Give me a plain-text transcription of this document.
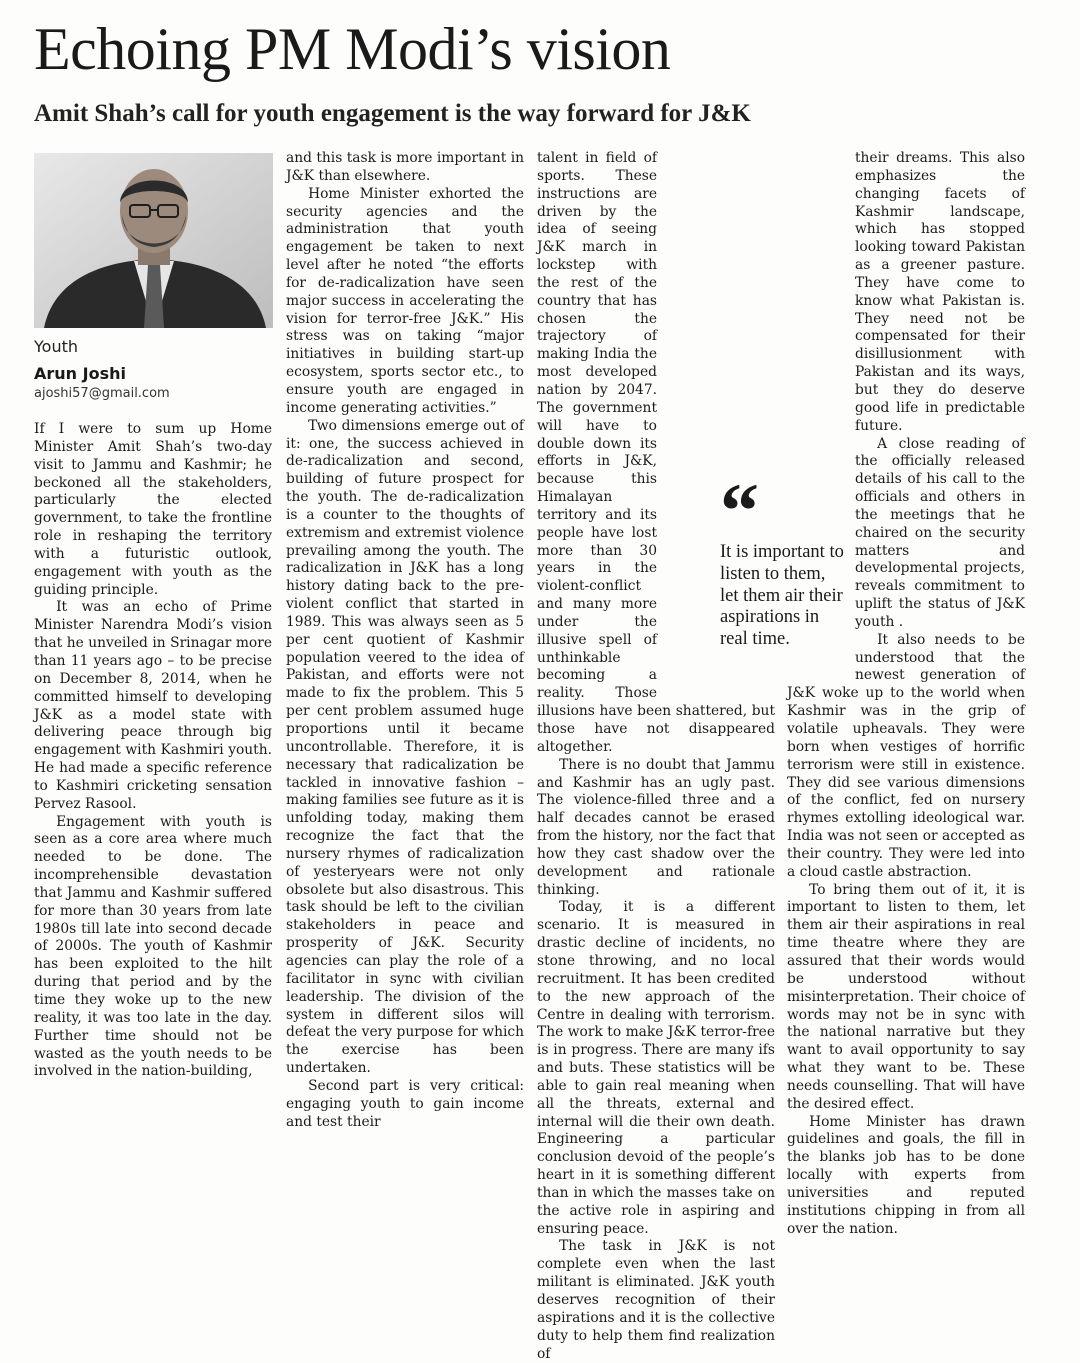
Echoing PM Modi’s vision
Amit Shah’s call for youth engagement is the way forward for J&K
Youth
Arun Joshi
ajoshi57@gmail.com

If I were to sum up Home Minister Amit Shah’s two-day visit to Jammu and Kashmir; he beckoned all the stakeholders, particularly the elected government, to take the frontline role in reshaping the territory with a futuristic outlook, engagement with youth as the guiding principle.

It was an echo of Prime Minister Narendra Modi’s vision that he unveiled in Srinagar more than 11 years ago – to be precise on December 8, 2014, when he committed himself to developing J&K as a model state with delivering peace through big engagement with Kashmiri youth. He had made a specific reference to Kashmiri cricketing sensation Pervez Rasool.

Engagement with youth is seen as a core area where much needed to be done. The incomprehensible devastation that Jammu and Kashmir suffered for more than 30 years from late 1980s till late into second decade of 2000s. The youth of Kashmir has been exploited to the hilt during that period and by the time they woke up to the new reality, it was too late in the day. Further time should not be wasted as the youth needs to be involved in the nation-building,

and this task is more important in J&K than elsewhere.

Home Minister exhorted the security agencies and the administration that youth engagement be taken to next level after he noted “the efforts for de-radicalization have seen major success in accelerating the vision for terror-free J&K.” His stress was on taking “major initiatives in building start-up ecosystem, sports sector etc., to ensure youth are engaged in income generating activities.”

Two dimensions emerge out of it: one, the success achieved in de-radicalization and second, building of future prospect for the youth. The de-radicalization is a counter to the thoughts of extremism and extremist violence prevailing among the youth. The radicalization in J&K has a long history dating back to the pre-violent conflict that started in 1989. This was always seen as 5 per cent quotient of Kashmir population veered to the idea of Pakistan, and efforts were not made to fix the problem. This 5 per cent problem assumed huge proportions until it became uncontrollable. Therefore, it is necessary that radicalization be tackled in innovative fashion – making families see future as it is unfolding today, making them recognize the fact that the nursery rhymes of radicalization of yesteryears were not only obsolete but also disastrous. This task should be left to the civilian stakeholders in peace and prosperity of J&K. Security agencies can play the role of a facilitator in sync with civilian leadership. The division of the system in different silos will defeat the very purpose for which the exercise has been undertaken.

Second part is very critical: engaging youth to gain income and test their

talent in field of sports. These instructions are driven by the idea of seeing J&K march in lockstep with the rest of the country that has chosen the trajectory of making India the most developed nation by 2047. The government will have to double down its efforts in J&K, because this Himalayan territory and its people have lost more than 30 years in the violent-conflict and many more under the illusive spell of unthinkable becoming a reality. Those illusions have been shattered, but those have not disappeared altogether.

There is no doubt that Jammu and Kashmir has an ugly past. The violence-filled three and a half decades cannot be erased from the history, nor the fact that how they cast shadow over the development and rationale thinking.

Today, it is a different scenario. It is measured in drastic decline of incidents, no stone throwing, and no local recruitment. It has been credited to the new approach of the Centre in dealing with terrorism. The work to make J&K terror-free is in progress. There are many ifs and buts. These statistics will be able to gain real meaning when all the threats, external and internal will die their own death. Engineering a particular conclusion devoid of the people’s heart in it is something different than in which the masses take on the active role in aspiring and ensuring peace.

The task in J&K is not complete even when the last militant is eliminated. J&K youth deserves recognition of their aspirations and it is the collective duty to help them find realization of

their dreams. This also emphasizes the changing facets of Kashmir landscape, which has stopped looking toward Pakistan as a greener pasture. They have come to know what Pakistan is. They need not be compensated for their disillusionment with Pakistan and its ways, but they do deserve good life in predictable future.

A close reading of the officially released details of his call to the officials and others in the meetings that he chaired on the security matters and developmental projects, reveals commitment to uplift the status of J&K youth .

It also needs to be understood that the newest generation of J&K woke up to the world when Kashmir was in the grip of volatile upheavals. They were born when vestiges of horrific terrorism were still in existence. They did see various dimensions of the conflict, fed on nursery rhymes extolling ideological war. India was not seen or accepted as their country. They were led into a cloud castle abstraction.

To bring them out of it, it is important to listen to them, let them air their aspirations in real time theatre where they are assured that their words would be understood without misinterpretation. Their choice of words may not be in sync with the national narrative but they want to avail opportunity to say what they want to be. These needs counselling. That will have the desired effect.

Home Minister has drawn guidelines and goals, the fill in the blanks job has to be done locally with experts from universities and reputed institutions chipping in from all over the nation.

“
It is important to listen to them, let them air their aspirations in real time.
